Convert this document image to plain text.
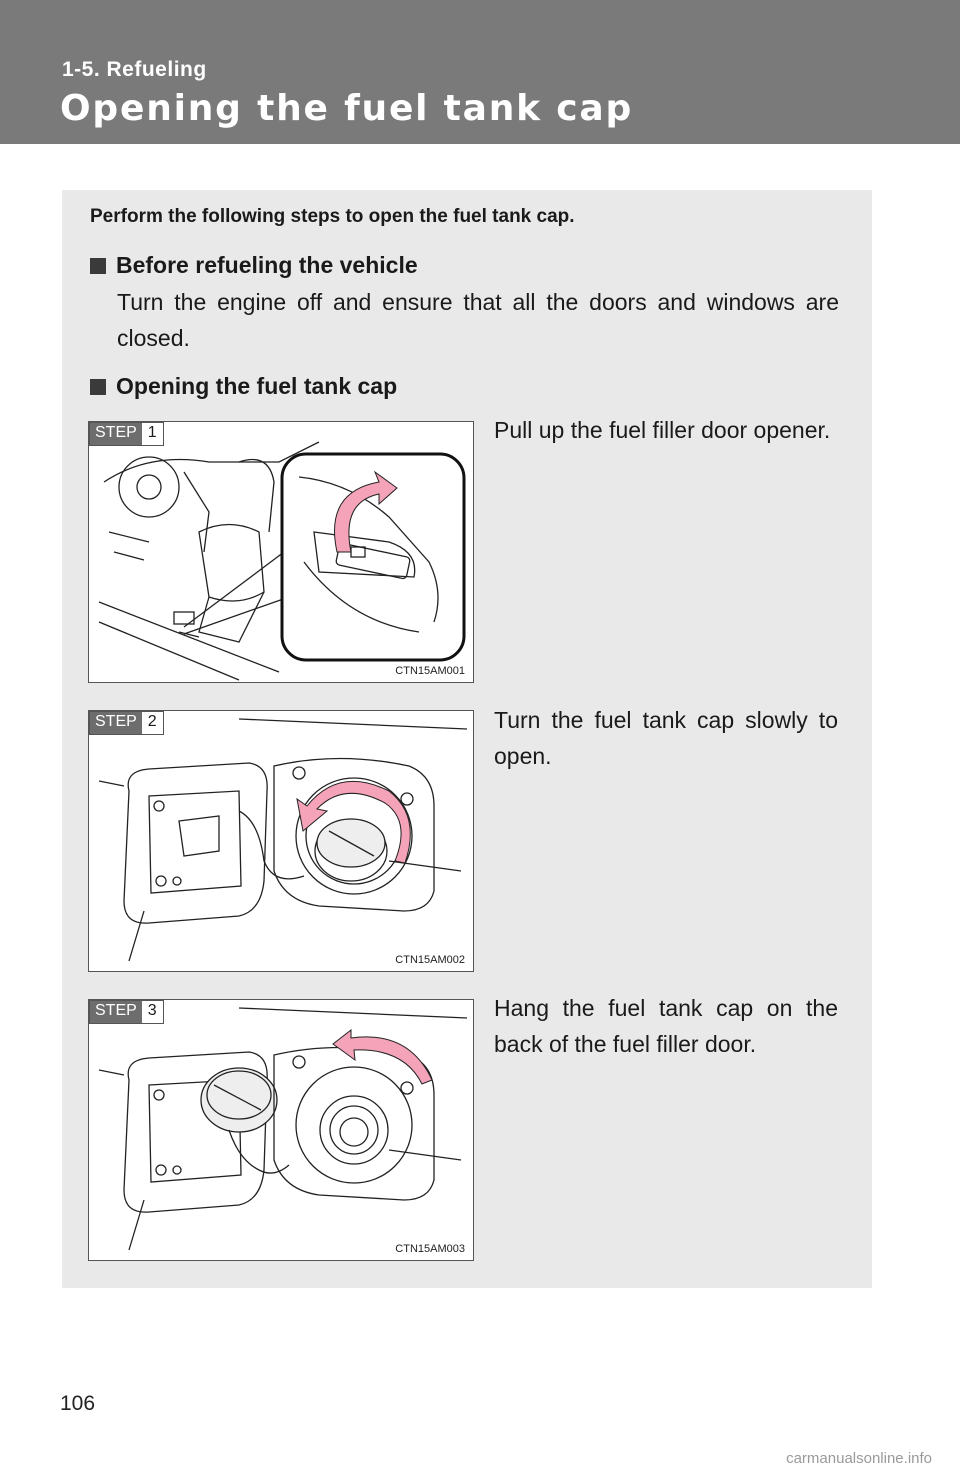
1-5. Refueling
Opening the fuel tank cap
Perform the following steps to open the fuel tank cap.
Before refueling the vehicle
Turn the engine off and ensure that all the doors and windows are closed.
Opening the fuel tank cap
STEP 1
CTN15AM001
Pull up the fuel filler door opener.
STEP 2
CTN15AM002
Turn the fuel tank cap slowly to open.
STEP 3
CTN15AM003
Hang the fuel tank cap on the back of the fuel filler door.
106
carmanualsonline.info
